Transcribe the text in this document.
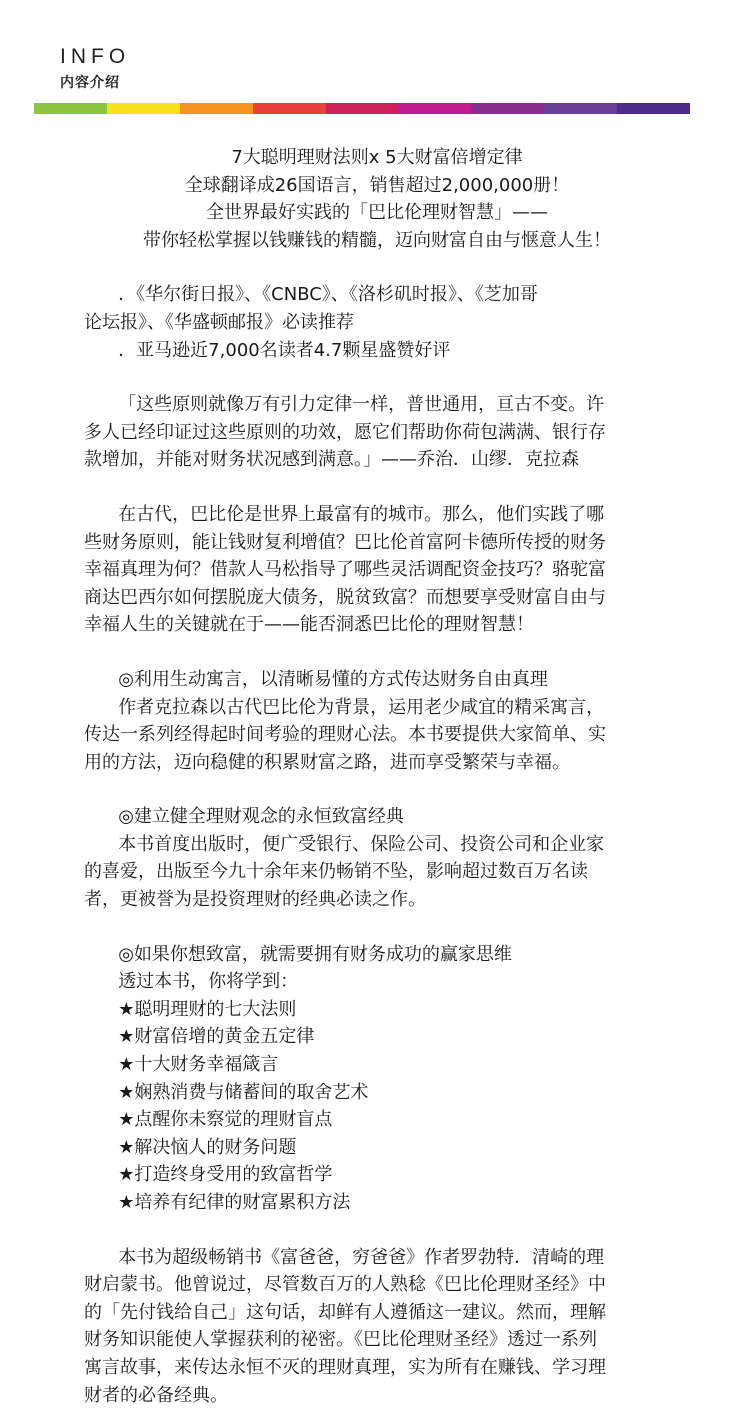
INFO
内容介绍

7大聪明理财法则x 5大财富倍增定律

全球翻译成26国语言，销售超过2,000,000册！

全世界最好实践的「巴比伦理财智慧」——

带你轻松掌握以钱赚钱的精髓，迈向财富自由与惬意人生！

．《华尔街日报》、《CNBC》、《洛杉矶时报》、《芝加哥

论坛报》、《华盛顿邮报》必读推荐

．亚马逊近7,000名读者4.7颗星盛赞好评

「这些原则就像万有引力定律一样，普世通用，亘古不变。许

多人已经印证过这些原则的功效，愿它们帮助你荷包满满、银行存

款增加，并能对财务状况感到满意。」——乔治．山缪．克拉森

在古代，巴比伦是世界上最富有的城市。那么，他们实践了哪

些财务原则，能让钱财复利增值？巴比伦首富阿卡德所传授的财务

幸福真理为何？借款人马松指导了哪些灵活调配资金技巧？骆驼富

商达巴西尔如何摆脱庞大债务，脱贫致富？而想要享受财富自由与

幸福人生的关键就在于——能否洞悉巴比伦的理财智慧！

◎利用生动寓言，以清晰易懂的方式传达财务自由真理

作者克拉森以古代巴比伦为背景，运用老少咸宜的精采寓言，

传达一系列经得起时间考验的理财心法。本书要提供大家简单、实

用的方法，迈向稳健的积累财富之路，进而享受繁荣与幸福。

◎建立健全理财观念的永恒致富经典

本书首度出版时，便广受银行、保险公司、投资公司和企业家

的喜爱，出版至今九十余年来仍畅销不坠，影响超过数百万名读

者，更被誉为是投资理财的经典必读之作。

◎如果你想致富，就需要拥有财务成功的赢家思维

透过本书，你将学到：

★聪明理财的七大法则

★财富倍增的黄金五定律

★十大财务幸福箴言

★娴熟消费与储蓄间的取舍艺术

★点醒你未察觉的理财盲点

★解决恼人的财务问题

★打造终身受用的致富哲学

★培养有纪律的财富累积方法

本书为超级畅销书《富爸爸，穷爸爸》作者罗勃特．清崎的理

财启蒙书。他曾说过，尽管数百万的人熟稔《巴比伦理财圣经》中

的「先付钱给自己」这句话，却鲜有人遵循这一建议。然而，理解

财务知识能使人掌握获利的祕密。《巴比伦理财圣经》透过一系列

寓言故事，来传达永恒不灭的理财真理，实为所有在赚钱、学习理

财者的必备经典。
